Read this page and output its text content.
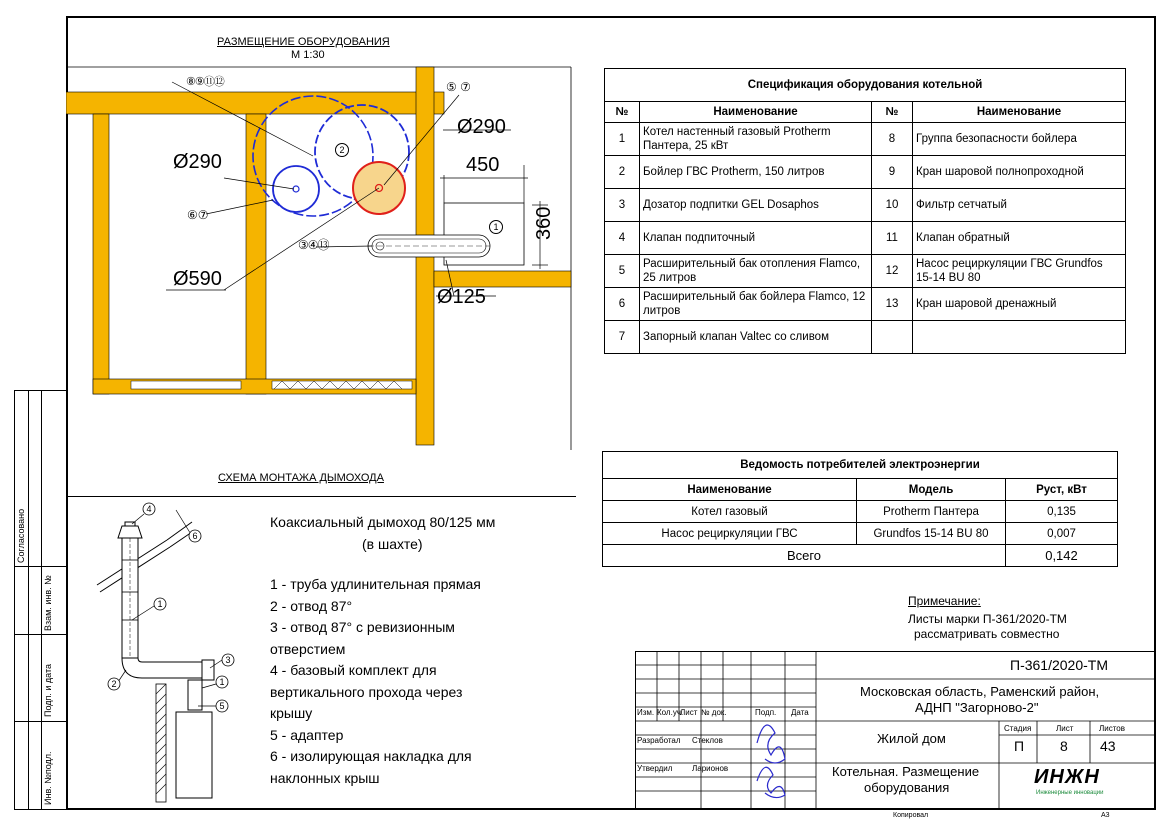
Согласовано
Взам. инв. №
Подп. и дата
Инв. №подл.
РАЗМЕЩЕНИЕ ОБОРУДОВАНИЯ
М 1:30
⑧⑨⑪⑫	⑤ ⑦
Ø290
Ø290	450
⑥⑦
③④⑬
Ø590
Ø125
360
2
1
Спецификация оборудования котельной			
№	Наименование	№	Наименование
1	Котел настенный газовый Protherm Пантера, 25 кВт	8	Группа безопасности бойлера
2	Бойлер ГВС Protherm, 150 литров	9	Кран шаровой полнопроходной
3	Дозатор подпитки GEL Dosaphos	10	Фильтр сетчатый
4	Клапан подпиточный	11	Клапан обратный
5	Расширительный бак отопления Flamco, 25 литров	12	Насос рециркуляции ГВС Grundfos 15-14 BU 80
6	Расширительный бак бойлера Flamco, 12 литров	13	Кран шаровой дренажный
7	Запорный клапан Valtec со сливом		
Ведомость потребителей электроэнергии		
Наименование	Модель	Руст, кВт
Котел газовый	Protherm Пантера	0,135
Насос рециркуляции ГВС	Grundfos 15-14 BU 80	0,007
Всего		0,142
СХЕМА МОНТАЖА ДЫМОХОДА
4
6
1
2
3
1
5
Коаксиальный дымоход 80/125 мм
(в шахте)
1 - труба удлинительная прямая
2 - отвод 87°
3 - отвод 87° с ревизионным
отверстием
4 - базовый комплект для
вертикального прохода через
крышу
5 - адаптер
6 - изолирующая накладка для
наклонных крыш
Примечание:
Листы марки П-361/2020-ТМ
рассматривать совместно
Изм. Кол.уч.
Лист № док.	Подп. Дата
Разработал Стеклов
Утвердил Ларионов
П-361/2020-ТМ
Московская область, Раменский район,
АДНП "Загорново-2"
Жилой дом
Котельная. Размещение
оборудования
Стадия	Лист	Листов
П	8 43
ИНЖН
Инженерные инновации
Копировал	А3
